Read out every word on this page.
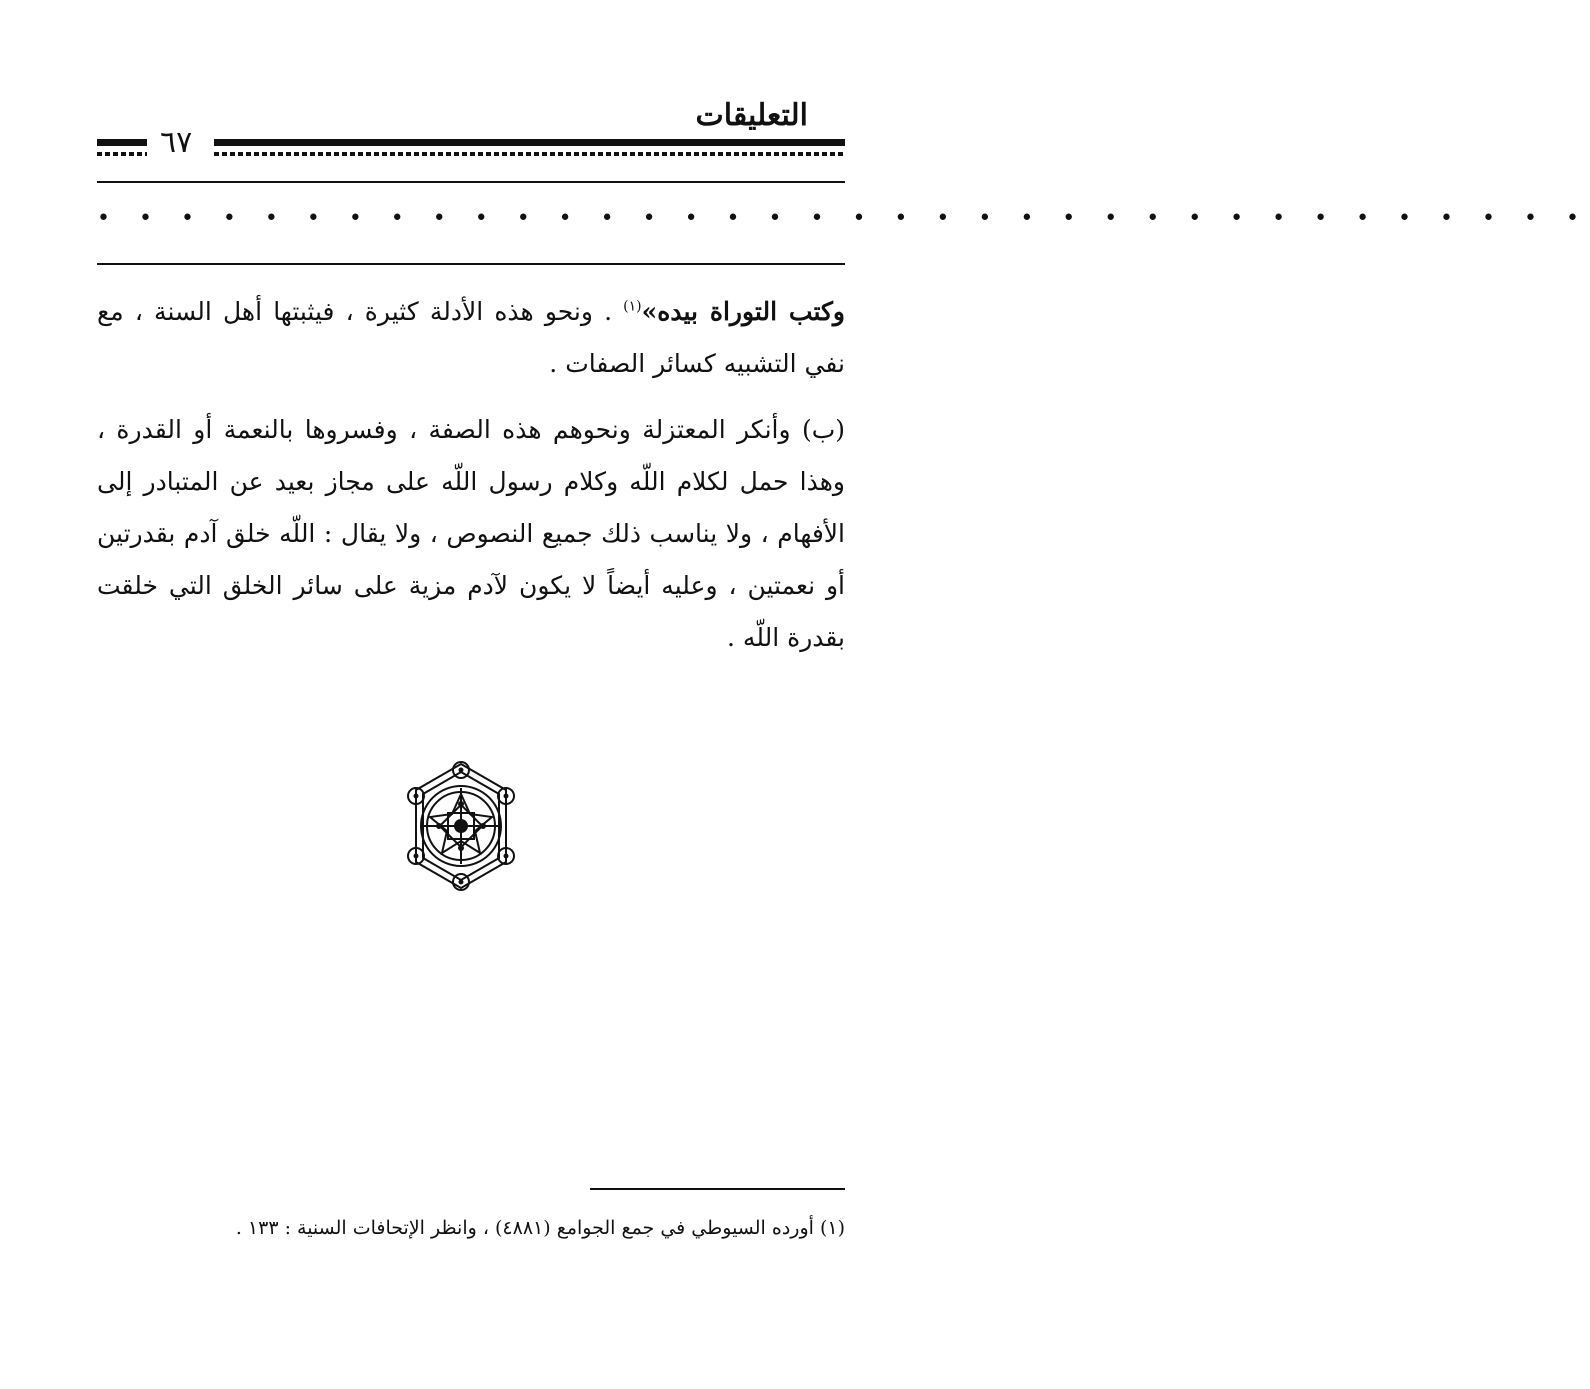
التعليقات
٦٧
• • • • • • • • • • • • • • • • • • • • • • • • • • • • • • • • • • • •

وكتب التوراة بيده»$^{(١)}$ . ونحو هذه الأدلة كثيرة ، فيثبتها أهل السنة ، مع نفي التشبيه كسائر الصفات .

(ب) وأنكر المعتزلة ونحوهم هذه الصفة ، وفسروها بالنعمة أو القدرة ، وهذا حمل لكلام اللّه وكلام رسول اللّه على مجاز بعيد عن المتبادر إلى الأفهام ، ولا يناسب ذلك جميع النصوص ، ولا يقال : اللّه خلق آدم بقدرتين أو نعمتين ، وعليه أيضاً لا يكون لآدم مزية على سائر الخلق التي خلقت بقدرة اللّه .

(١) أورده السيوطي في جمع الجوامع (٤٨٨١) ، وانظر الإتحافات السنية : ١٣٣ .
